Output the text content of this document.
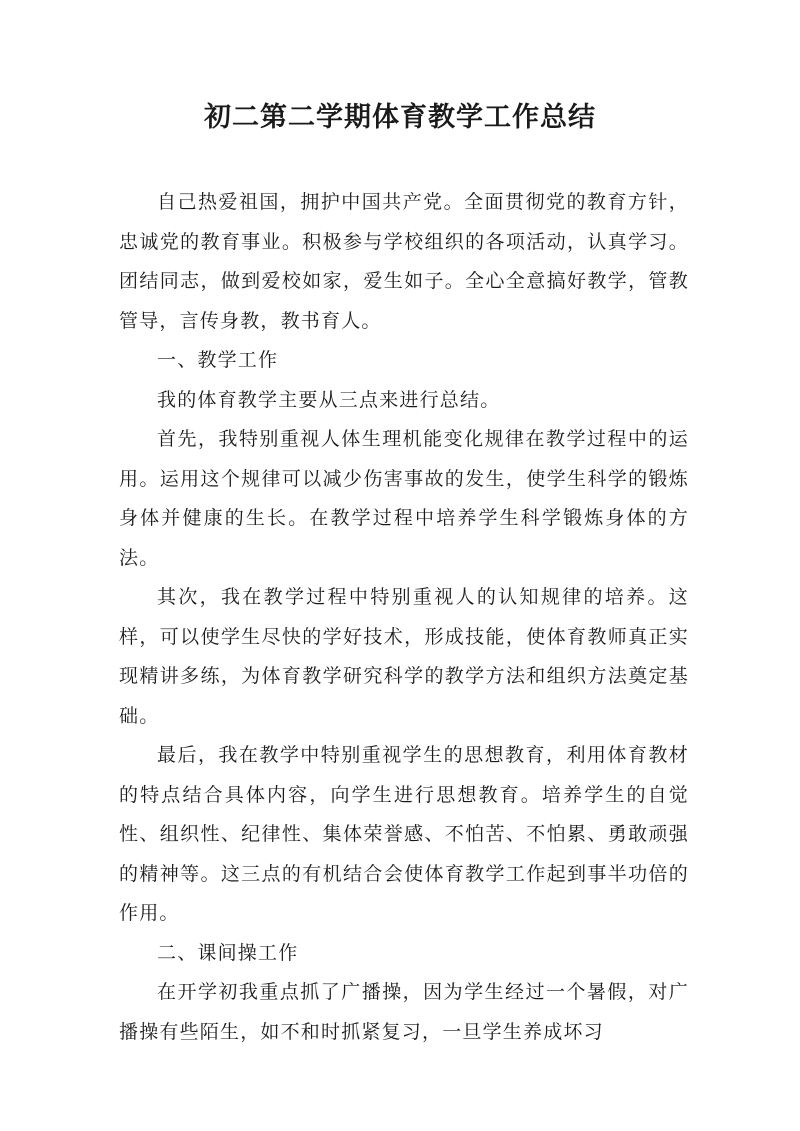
初二第二学期体育教学工作总结

自己热爱祖国，拥护中国共产党。全面贯彻党的教育方针，忠诚党的教育事业。积极参与学校组织的各项活动，认真学习。团结同志，做到爱校如家，爱生如子。全心全意搞好教学，管教管导，言传身教，教书育人。

一、教学工作

我的体育教学主要从三点来进行总结。

首先，我特别重视人体生理机能变化规律在教学过程中的运用。运用这个规律可以减少伤害事故的发生，使学生科学的锻炼身体并健康的生长。在教学过程中培养学生科学锻炼身体的方法。

其次，我在教学过程中特别重视人的认知规律的培养。这样，可以使学生尽快的学好技术，形成技能，使体育教师真正实现精讲多练，为体育教学研究科学的教学方法和组织方法奠定基础。

最后，我在教学中特别重视学生的思想教育，利用体育教材的特点结合具体内容，向学生进行思想教育。培养学生的自觉性、组织性、纪律性、集体荣誉感、不怕苦、不怕累、勇敢顽强的精神等。这三点的有机结合会使体育教学工作起到事半功倍的作用。

二、课间操工作

在开学初我重点抓了广播操，因为学生经过一个暑假，对广播操有些陌生，如不和时抓紧复习，一旦学生养成坏习
